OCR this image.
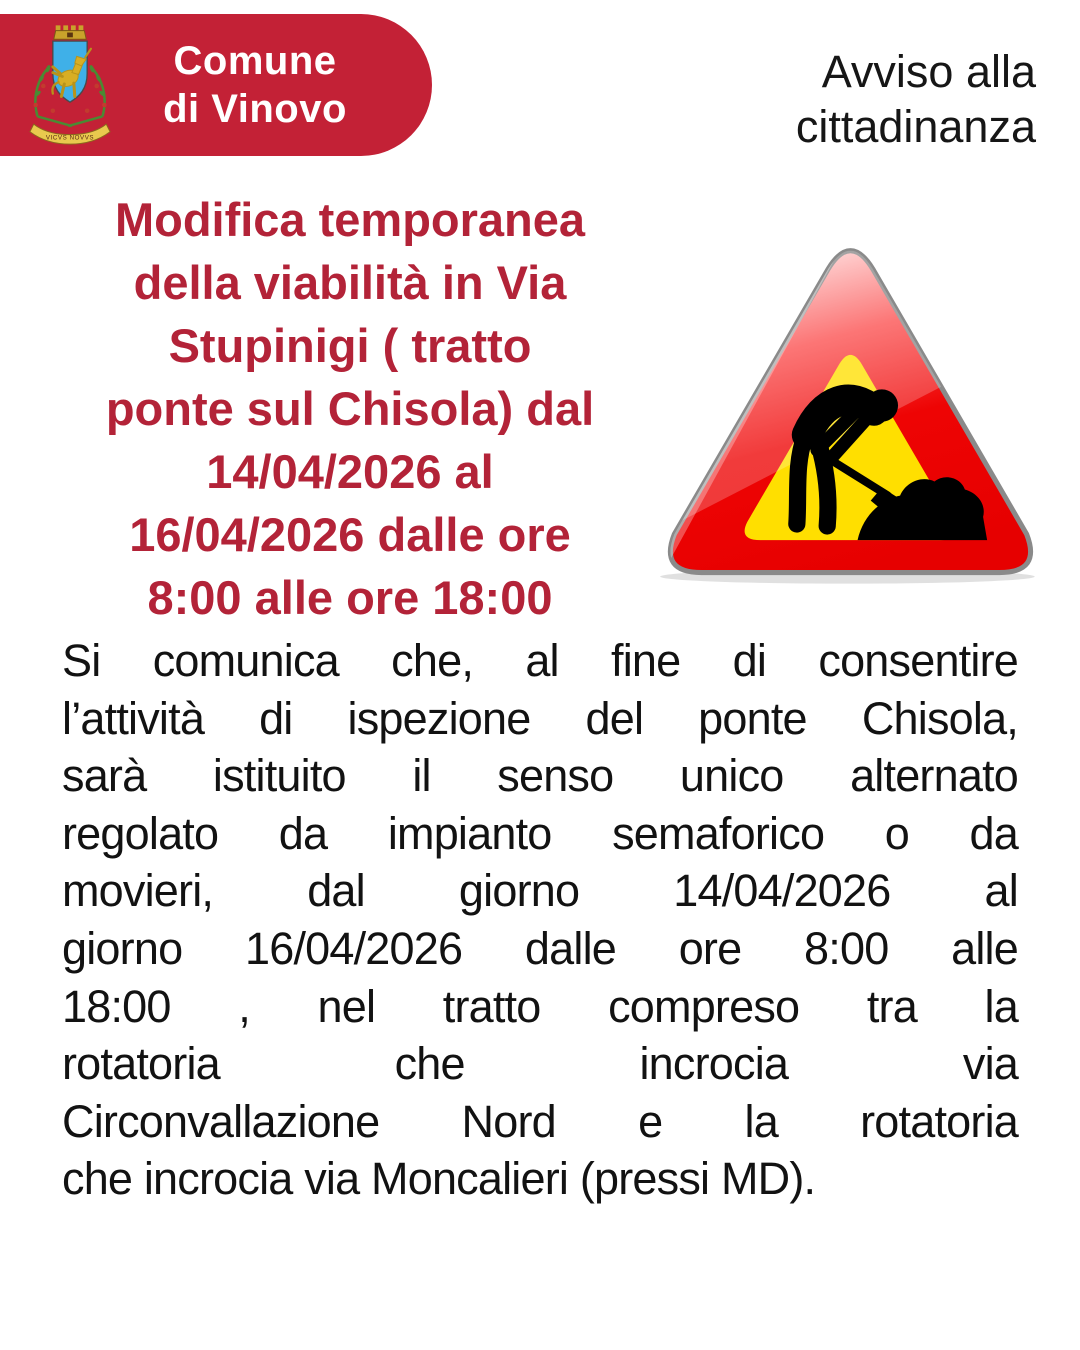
VICVS NOVVS
Comune
di Vinovo
Avviso alla
cittadinanza
Modifica temporanea
della viabilità in Via
Stupinigi ( tratto
ponte sul Chisola) dal
14/04/2026 al
16/04/2026 dalle ore
8:00 alle ore 18:00
Si comunica che, al fine di consentire
l’attività di ispezione del ponte Chisola,
sarà istituito il senso unico alternato
regolato da impianto semaforico o da
movieri, dal giorno 14/04/2026 al
giorno 16/04/2026 dalle ore 8:00 alle
18:00 , nel tratto compreso tra la
rotatoria che incrocia via
Circonvallazione Nord e la rotatoria
che incrocia via Moncalieri (pressi MD).
